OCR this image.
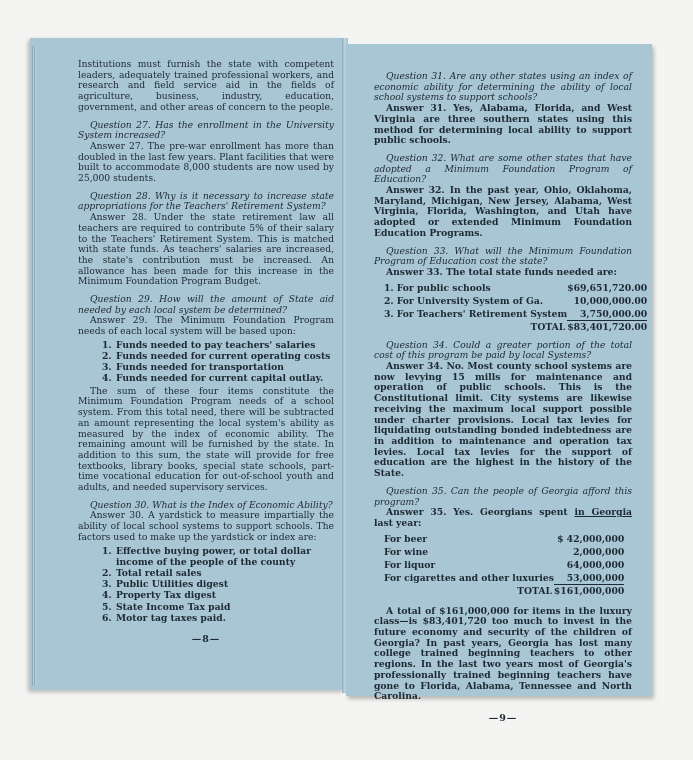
Institutions must furnish the state with competent leaders, adequately trained professional workers, and research and field service aid in the fields of agriculture, business, industry, education, government, and other areas of concern to the people.

Question 27. Has the enrollment in the University System increased?

Answer 27. The pre-war enrollment has more than doubled in the last few years. Plant facilities that were built to accommodate 8,000 students are now used by 25,000 students.

Question 28. Why is it necessary to increase state appropriations for the Teachers' Retirement System?

Answer 28. Under the state retirement law all teachers are required to contribute 5% of their salary to the Teachers' Retirement System. This is matched with state funds. As teachers' salaries are increased, the state's contribution must be increased. An allowance has been made for this increase in the Minimum Foundation Program Budget.

Question 29. How will the amount of State aid needed by each local system be determined?

Answer 29. The Minimum Foundation Program needs of each local system will be based upon:

1. Funds needed to pay teachers' salaries
2. Funds needed for current operating costs
3. Funds needed for transportation
4. Funds needed for current capital outlay.

The sum of these four items constitute the Minimum Foundation Program needs of a school system. From this total need, there will be subtracted an amount representing the local system's ability as measured by the index of economic ability. The remaining amount will be furnished by the state. In addition to this sum, the state will provide for free textbooks, library books, special state schools, part-time vocational education for out-of-school youth and adults, and needed supervisory services.

Question 30. What is the Index of Economic Ability?

Answer 30. A yardstick to measure impartially the ability of local school systems to support schools. The factors used to make up the yardstick or index are:

1. Effective buying power, or total dollar income of the people of the county
2. Total retail sales
3. Public Utilities digest
4. Property Tax digest
5. State Income Tax paid
6. Motor tag taxes paid.
—8—

Question 31. Are any other states using an index of economic ability for determining the ability of local school systems to support schools?

Answer 31. Yes, Alabama, Florida, and West Virginia are three southern states using this method for determining local ability to support public schools.

Question 32. What are some other states that have adopted a Minimum Foundation Program of Education?

Answer 32. In the past year, Ohio, Oklahoma, Maryland, Michigan, New Jersey, Alabama, West Virginia, Florida, Washington, and Utah have adopted or extended Minimum Foundation Education Programs.

Question 33. What will the Minimum Foundation Program of Education cost the state?

Answer 33. The total state funds needed are:

1. For public schools		$69,651,720.00
2. For University System of Ga.		10,000,000.00
3. For Teachers' Retirement System		3,750,000.00
TOTAL		$83,401,720.00

Question 34. Could a greater portion of the total cost of this program be paid by local Systems?

Answer 34. No. Most county school systems are now levying 15 mills for maintenance and operation of public schools. This is the Constitutional limit. City systems are likewise receiving the maximum local support possible under charter provisions. Local tax levies for liquidating outstanding bonded indebtedness are in addition to maintenance and operation tax levies. Local tax levies for the support of education are the highest in the history of the State.

Question 35. Can the people of Georgia afford this program?

Answer 35. Yes. Georgians spent in Georgia last year:

For beer		$ 42,000,000
For wine		2,000,000
For liquor		64,000,000
For cigarettes and other luxuries		53,000,000
TOTAL		$161,000,000

A total of $161,000,000 for items in the luxury class—is $83,401,720 too much to invest in the future economy and security of the children of Georgia? In past years, Georgia has lost many college trained beginning teachers to other regions. In the last two years most of Georgia's professionally trained beginning teachers have gone to Florida, Alabama, Tennessee and North Carolina.

—9—
